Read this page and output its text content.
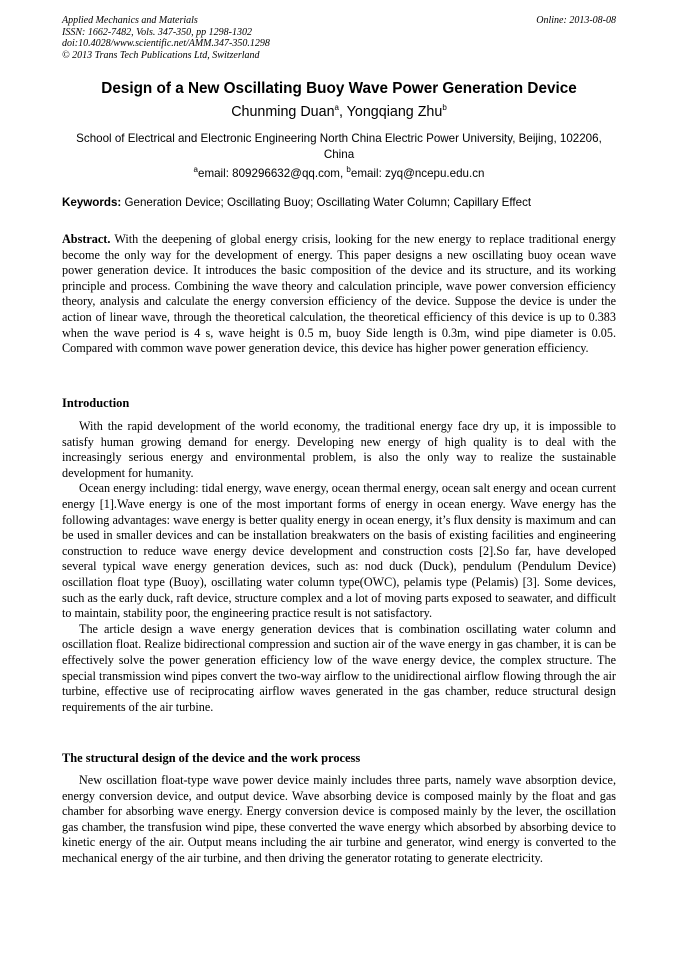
Applied Mechanics and Materials
ISSN: 1662-7482, Vols. 347-350, pp 1298-1302
doi:10.4028/www.scientific.net/AMM.347-350.1298
© 2013 Trans Tech Publications Ltd, Switzerland
Online: 2013-08-08
Design of a New Oscillating Buoy Wave Power Generation Device
Chunming Duan$^a$, Yongqiang Zhu$^b$
School of Electrical and Electronic Engineering North China Electric Power University, Beijing, 102206, China
$^a$email: 809296632@qq.com, $^b$email: zyq@ncepu.edu.cn
Keywords: Generation Device; Oscillating Buoy; Oscillating Water Column; Capillary Effect

Abstract. With the deepening of global energy crisis, looking for the new energy to replace traditional energy become the only way for the development of energy. This paper designs a new oscillating buoy ocean wave power generation device. It introduces the basic composition of the device and its structure, and its working principle and process. Combining the wave theory and calculation principle, wave power conversion efficiency theory, analysis and calculate the energy conversion efficiency of the device. Suppose the device is under the action of linear wave, through the theoretical calculation, the theoretical efficiency of this device is up to 0.383 when the wave period is 4 s, wave height is 0.5 m, buoy Side length is 0.3m, wind pipe diameter is 0.05. Compared with common wave power generation device, this device has higher power generation efficiency.

Introduction

With the rapid development of the world economy, the traditional energy face dry up, it is impossible to satisfy human growing demand for energy. Developing new energy of high quality is to deal with the increasingly serious energy and environmental problem, is also the only way to realize the sustainable development for humanity.

Ocean energy including: tidal energy, wave energy, ocean thermal energy, ocean salt energy and ocean current energy [1].Wave energy is one of the most important forms of energy in ocean energy. Wave energy has the following advantages: wave energy is better quality energy in ocean energy, it’s flux density is maximum and can be used in smaller devices and can be installation breakwaters on the basis of existing facilities and engineering construction to reduce wave energy device development and construction costs [2].So far, have developed several typical wave energy generation devices, such as: nod duck (Duck), pendulum (Pendulum Device) oscillation float type (Buoy), oscillating water column type(OWC), pelamis type (Pelamis) [3]. Some devices, such as the early duck, raft device, structure complex and a lot of moving parts exposed to seawater, and difficult to maintain, stability poor, the engineering practice result is not satisfactory.

The article design a wave energy generation devices that is combination oscillating water column and oscillation float. Realize bidirectional compression and suction air of the wave energy in gas chamber, it is can be effectively solve the power generation efficiency low of the wave energy device, the complex structure. The special transmission wind pipes convert the two-way airflow to the unidirectional airflow flowing through the air turbine, effective use of reciprocating airflow waves generated in the gas chamber, reduce structural design requirements of the air turbine.

The structural design of the device and the work process

New oscillation float-type wave power device mainly includes three parts, namely wave absorption device, energy conversion device, and output device. Wave absorbing device is composed mainly by the float and gas chamber for absorbing wave energy. Energy conversion device is composed mainly by the lever, the oscillation gas chamber, the transfusion wind pipe, these converted the wave energy which absorbed by absorbing device to kinetic energy of the air. Output means including the air turbine and generator, wind energy is converted to the mechanical energy of the air turbine, and then driving the generator rotating to generate electricity.
